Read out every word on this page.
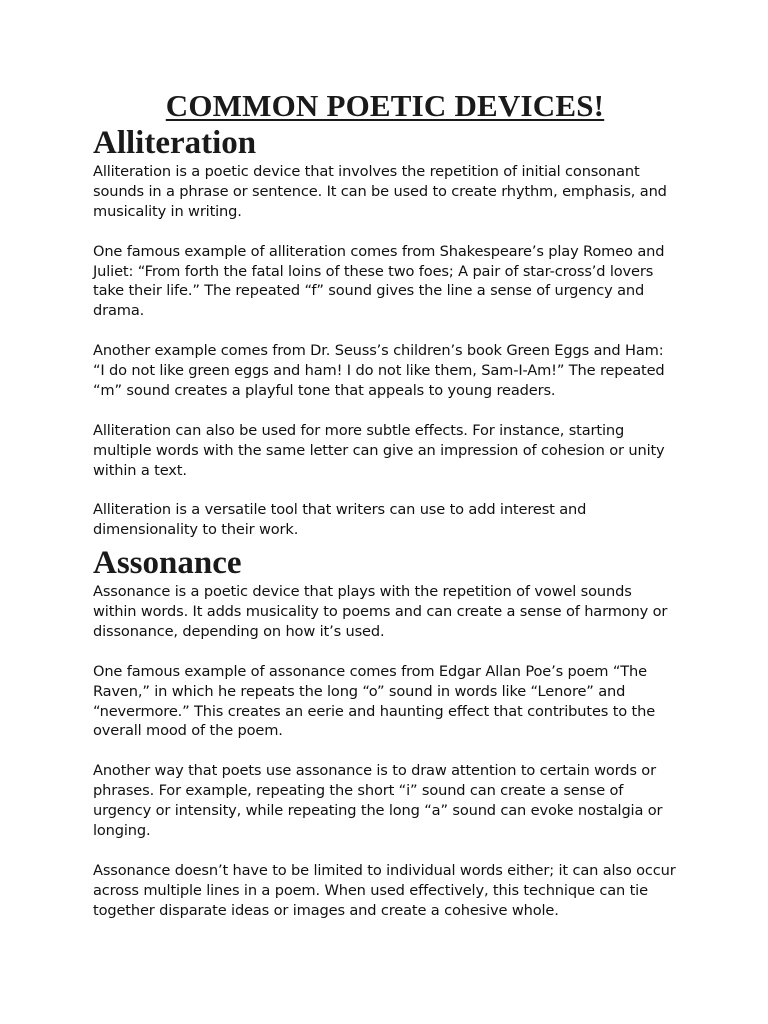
COMMON POETIC DEVICES!
Alliteration

Alliteration is a poetic device that involves the repetition of initial consonant sounds in a phrase or sentence. It can be used to create rhythm, emphasis, and musicality in writing.

One famous example of alliteration comes from Shakespeare’s play Romeo and Juliet: “From forth the fatal loins of these two foes; A pair of star-cross’d lovers take their life.” The repeated “f” sound gives the line a sense of urgency and drama.

Another example comes from Dr. Seuss’s children’s book Green Eggs and Ham: “I do not like green eggs and ham! I do not like them, Sam-I-Am!” The repeated “m” sound creates a playful tone that appeals to young readers.

Alliteration can also be used for more subtle effects. For instance, starting multiple words with the same letter can give an impression of cohesion or unity within a text.

Alliteration is a versatile tool that writers can use to add interest and dimensionality to their work.

Assonance

Assonance is a poetic device that plays with the repetition of vowel sounds within words. It adds musicality to poems and can create a sense of harmony or dissonance, depending on how it’s used.

One famous example of assonance comes from Edgar Allan Poe’s poem “The Raven,” in which he repeats the long “o” sound in words like “Lenore” and “nevermore.” This creates an eerie and haunting effect that contributes to the overall mood of the poem.

Another way that poets use assonance is to draw attention to certain words or phrases. For example, repeating the short “i” sound can create a sense of urgency or intensity, while repeating the long “a” sound can evoke nostalgia or longing.

Assonance doesn’t have to be limited to individual words either; it can also occur across multiple lines in a poem. When used effectively, this technique can tie together disparate ideas or images and create a cohesive whole.
